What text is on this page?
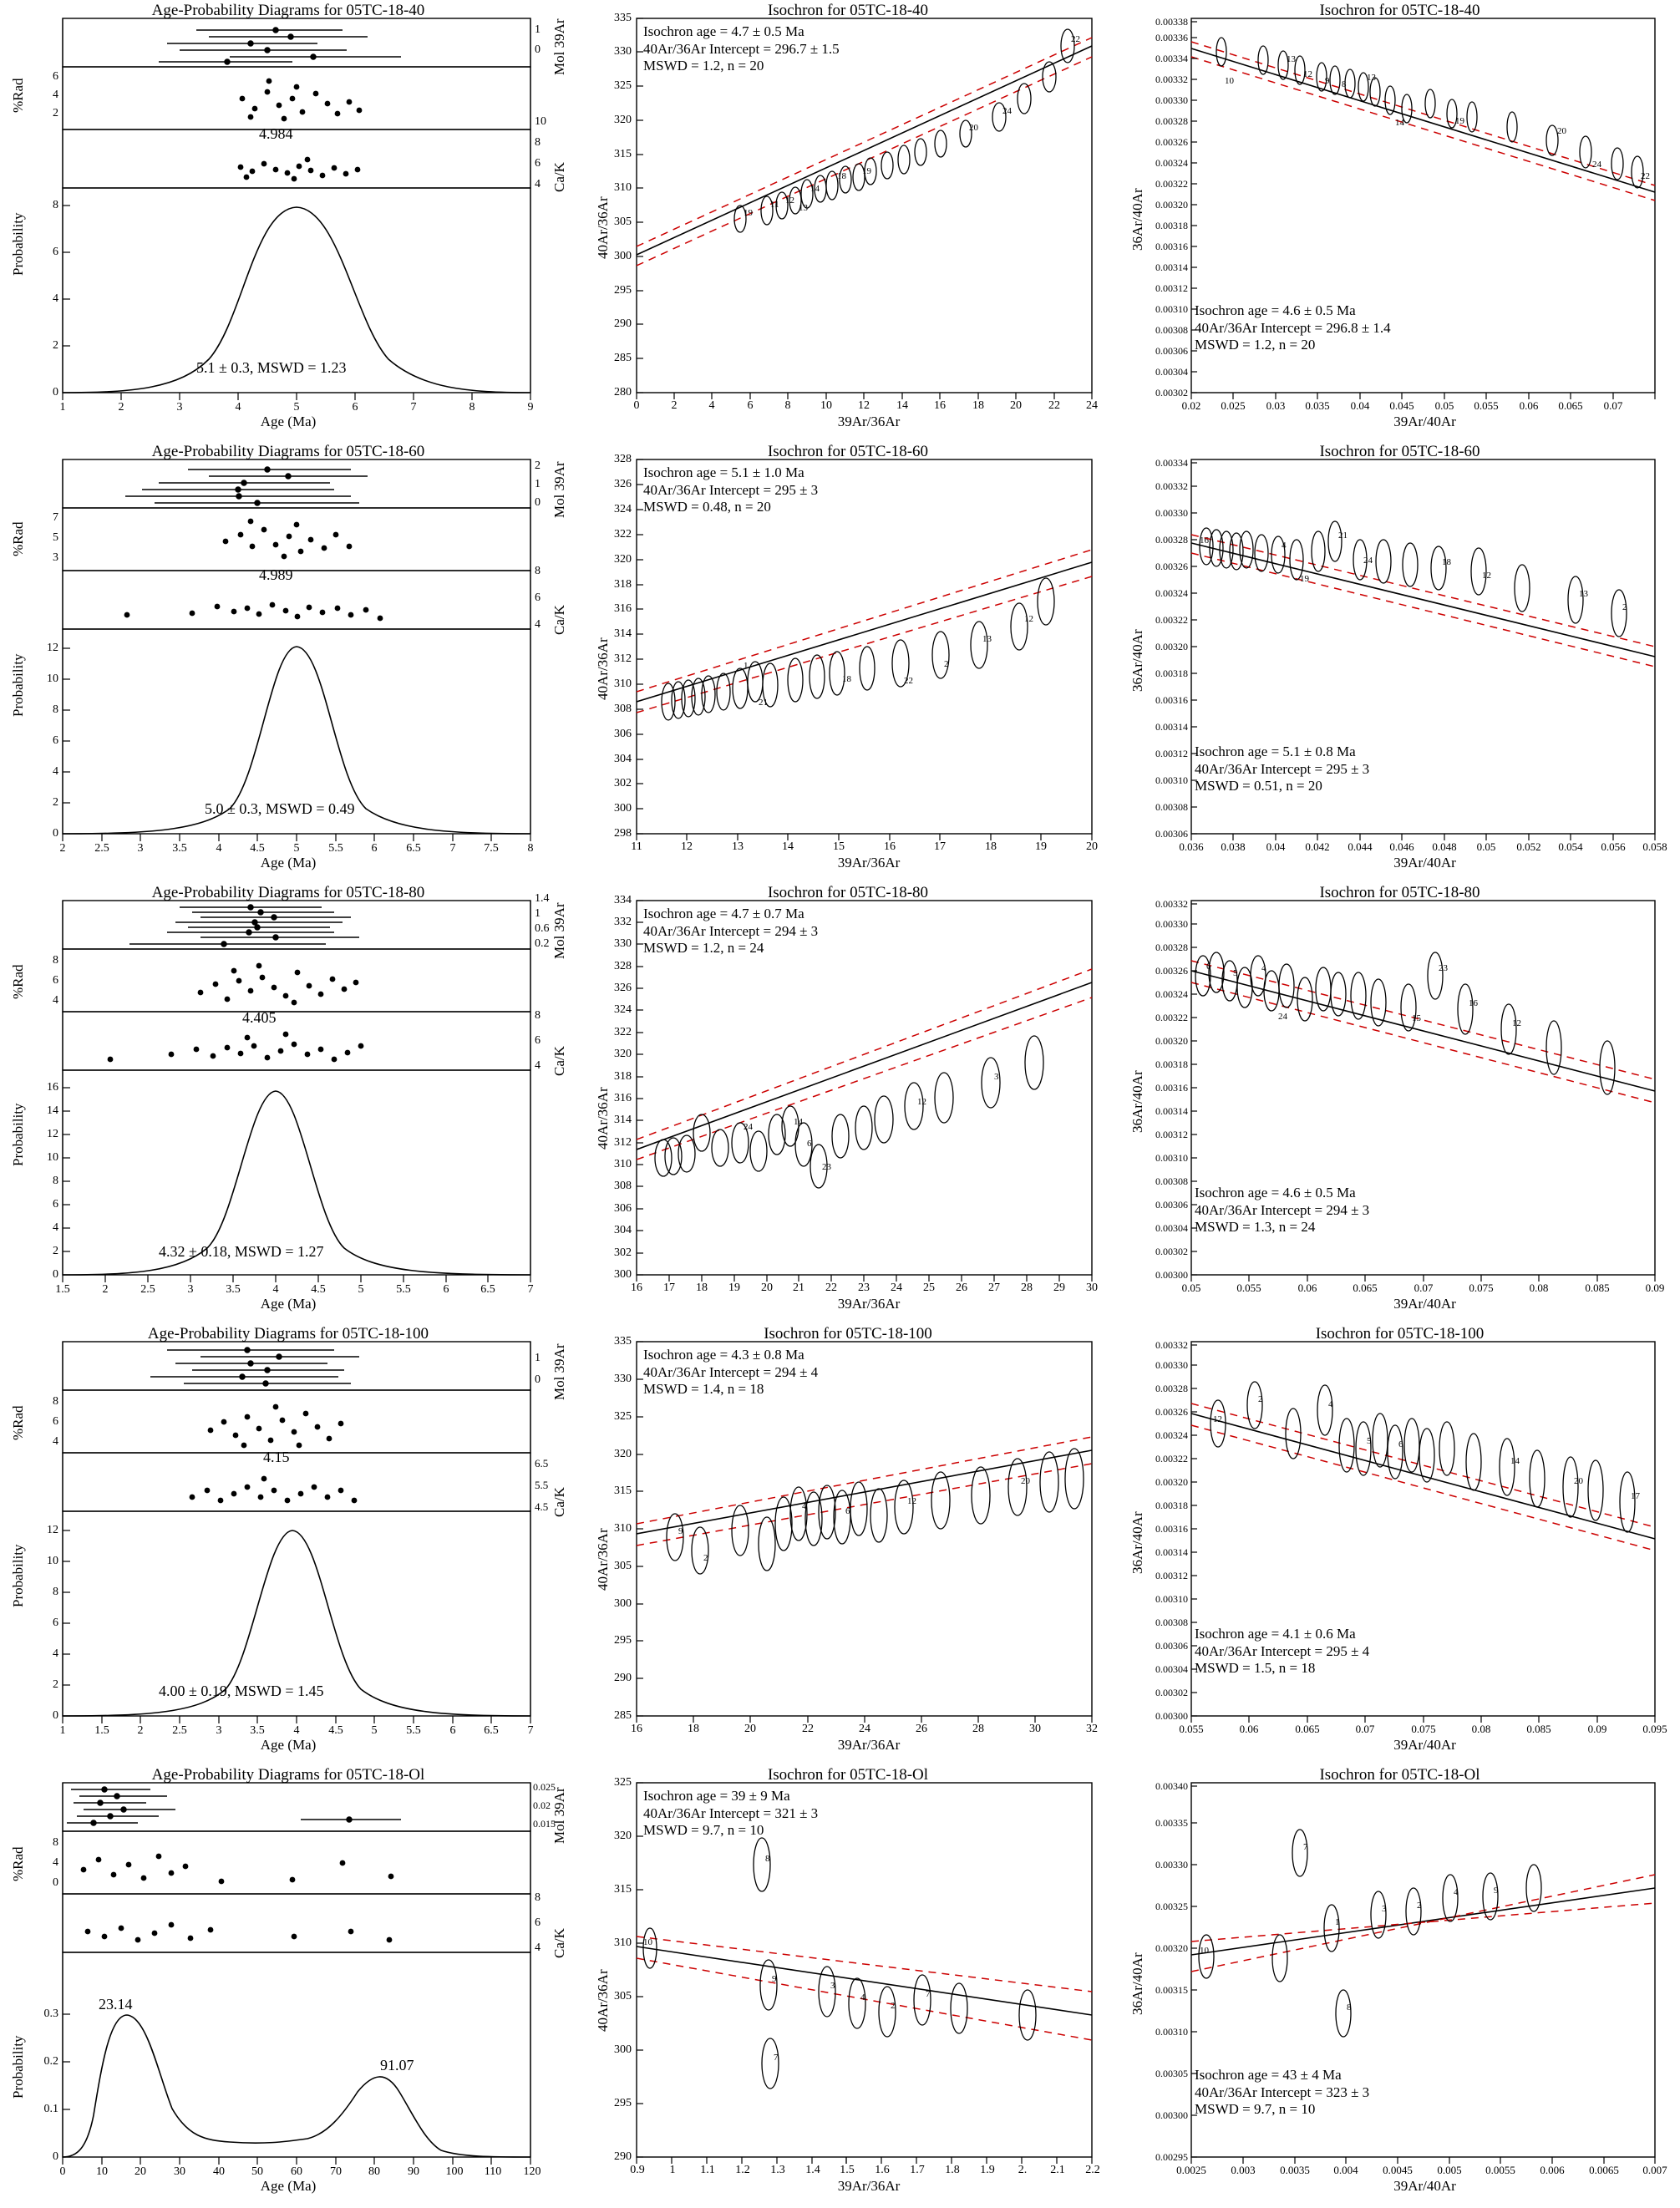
Age-Probability Diagrams for 05TC-18-40
Probability
%Rad
Mol 39Ar
Ca/K
Age (Ma)
4.984
5.1 ± 0.3, MSWD = 1.23
1	2	3	4	5	6	7	8	9
0
2
4
6
8
2
4
6
0
1
4
6
8
10
Isochron for 05TC-18-40
40Ar/36Ar
39Ar/36Ar
Isochron age = 4.7 ± 0.5 Ma
40Ar/36Ar Intercept = 296.7 ± 1.5
MSWD = 1.2, n = 20
19
11 12
13
14
18 19
20
24
22
0	2	4	6	8	10	12	14	16	18	20	22	24
280
285
290
295
300
305
310
315
320
325
330
335	Isochron for 05TC-18-40
36Ar/40Ar
39Ar/40Ar
Isochron age = 4.6 ± 0.5 Ma
40Ar/36Ar Intercept = 296.8 ± 1.4
MSWD = 1.2, n = 20
10
13
12
9 8
13
14	19
20
24
22
0.02	0.025	0.03	0.035	0.04	0.045	0.05	0.055	0.06	0.065	0.07
0.00302
0.00304
0.00306
0.00308
0.00310
0.00312
0.00314
0.00316
0.00318
0.00320
0.00322
0.00324
0.00326
0.00328
0.00330
0.00332
0.00334
0.00336
0.00338
Age-Probability Diagrams for 05TC-18-60
Probability
%Rad
Mol 39Ar
Ca/K
Age (Ma)
4.989
5.0 ± 0.3, MSWD = 0.49
2	2.5	3	3.5	4	4.5	5	5.5	6	6.5	7	7.5	8
0
2
4
6
8
10
12
3
5
7
0
1
2
4
6
8
Isochron for 05TC-18-60
40Ar/36Ar
39Ar/36Ar
Isochron age = 5.1 ± 1.0 Ma
40Ar/36Ar Intercept = 295 ± 3
MSWD = 0.48, n = 20
1
21
18	22
2
13
12
11	12	13	14	15	16	17	18	19	20
298
300
302
304
306
308
310
312
314
316
318
320
322
324
326
328	Isochron for 05TC-18-60
36Ar/40Ar
39Ar/40Ar
Isochron age = 5.1 ± 0.8 Ma
40Ar/36Ar Intercept = 295 ± 3
MSWD = 0.51, n = 20
16	4
19
21
24	18
12
13
2
0.036	0.038	0.04	0.042	0.044	0.046	0.048	0.05	0.052	0.054	0.056	0.058
0.00306
0.00308
0.00310
0.00312
0.00314
0.00316
0.00318
0.00320
0.00322
0.00324
0.00326
0.00328
0.00330
0.00332
0.00334
Age-Probability Diagrams for 05TC-18-80
Probability
%Rad
Mol 39Ar
Ca/K
Age (Ma)
4.405
4.32 ± 0.18, MSWD = 1.27
1.5	2	2.5	3	3.5	4	4.5	5	5.5	6	6.5	7
0
2
4
6
8
10
12
14
16
4
6
8
0.2
0.6
1
1.4
4
6
8
Isochron for 05TC-18-80
40Ar/36Ar
39Ar/36Ar
Isochron age = 4.7 ± 0.7 Ma
40Ar/36Ar Intercept = 294 ± 3
MSWD = 1.2, n = 24
24	14
6
23
12
3
16	17	18	19	20	21	22	23	24	25	26	27	28	29	30
300
302
304
306
308
310
312
314
316
318
320
322
324
326
328
330
332
334	Isochron for 05TC-18-80
36Ar/40Ar
39Ar/40Ar
Isochron age = 4.6 ± 0.5 Ma
40Ar/36Ar Intercept = 294 ± 3
MSWD = 1.3, n = 24
6
5	4
24
23
15
16
12
0.05	0.055	0.06	0.065	0.07	0.075	0.08	0.085	0.09
0.00300
0.00302
0.00304
0.00306
0.00308
0.00310
0.00312
0.00314
0.00316
0.00318
0.00320
0.00322
0.00324
0.00326
0.00328
0.00330
0.00332
Age-Probability Diagrams for 05TC-18-100
Probability
%Rad
Mol 39Ar
Ca/K
Age (Ma)
4.15
4.00 ± 0.19, MSWD = 1.45
1	1.5	2	2.5	3	3.5	4	4.5	5	5.5	6	6.5	7
0
2
4
6
8
10
12
4
6
8
0
1
4.5
5.5
6.5
Isochron for 05TC-18-100
40Ar/36Ar
39Ar/36Ar
Isochron age = 4.3 ± 0.8 Ma
40Ar/36Ar Intercept = 294 ± 4
MSWD = 1.4, n = 18
9
2
4	6
12
20
16	18	20	22	24	26	28	30	32
285
290
295
300
305
310
315
320
325
330
335	Isochron for 05TC-18-100
36Ar/40Ar
39Ar/40Ar
Isochron age = 4.1 ± 0.6 Ma
40Ar/36Ar Intercept = 295 ± 4
MSWD = 1.5, n = 18
12
2	4
5	6
14
20
17
0.055	0.06	0.065	0.07	0.075	0.08	0.085	0.09	0.095
0.00300
0.00302
0.00304
0.00306
0.00308
0.00310
0.00312
0.00314
0.00316
0.00318
0.00320
0.00322
0.00324
0.00326
0.00328
0.00330
0.00332
Age-Probability Diagrams for 05TC-18-Ol
Probability
%Rad
Mol 39Ar
Ca/K
Age (Ma)
23.14
91.07
0	10	20	30	40	50	60	70	80	90	100	110	120
0
0.1
0.2
0.3
0
4
8
0.015
0.02
0.025
4
6
8
Isochron for 05TC-18-Ol
40Ar/36Ar
39Ar/36Ar
Isochron age = 39 ± 9 Ma
40Ar/36Ar Intercept = 321 ± 3
MSWD = 9.7, n = 10
10
8
9
7
3
4
2
7
0.9	1	1.1	1.2	1.3	1.4	1.5	1.6	1.7	1.8	1.9	2.	2.1	2.2
290
295
300
305
310
315
320
325	Isochron for 05TC-18-Ol
36Ar/40Ar
39Ar/40Ar
Isochron age = 43 ± 4 Ma
40Ar/36Ar Intercept = 323 ± 3
MSWD = 9.7, n = 10
10
7
1
8
3	2
4	9
0.0025	0.003	0.0035	0.004	0.0045	0.005	0.0055	0.006	0.0065	0.007
0.00295
0.00300
0.00305
0.00310
0.00315
0.00320
0.00325
0.00330
0.00335
0.00340
